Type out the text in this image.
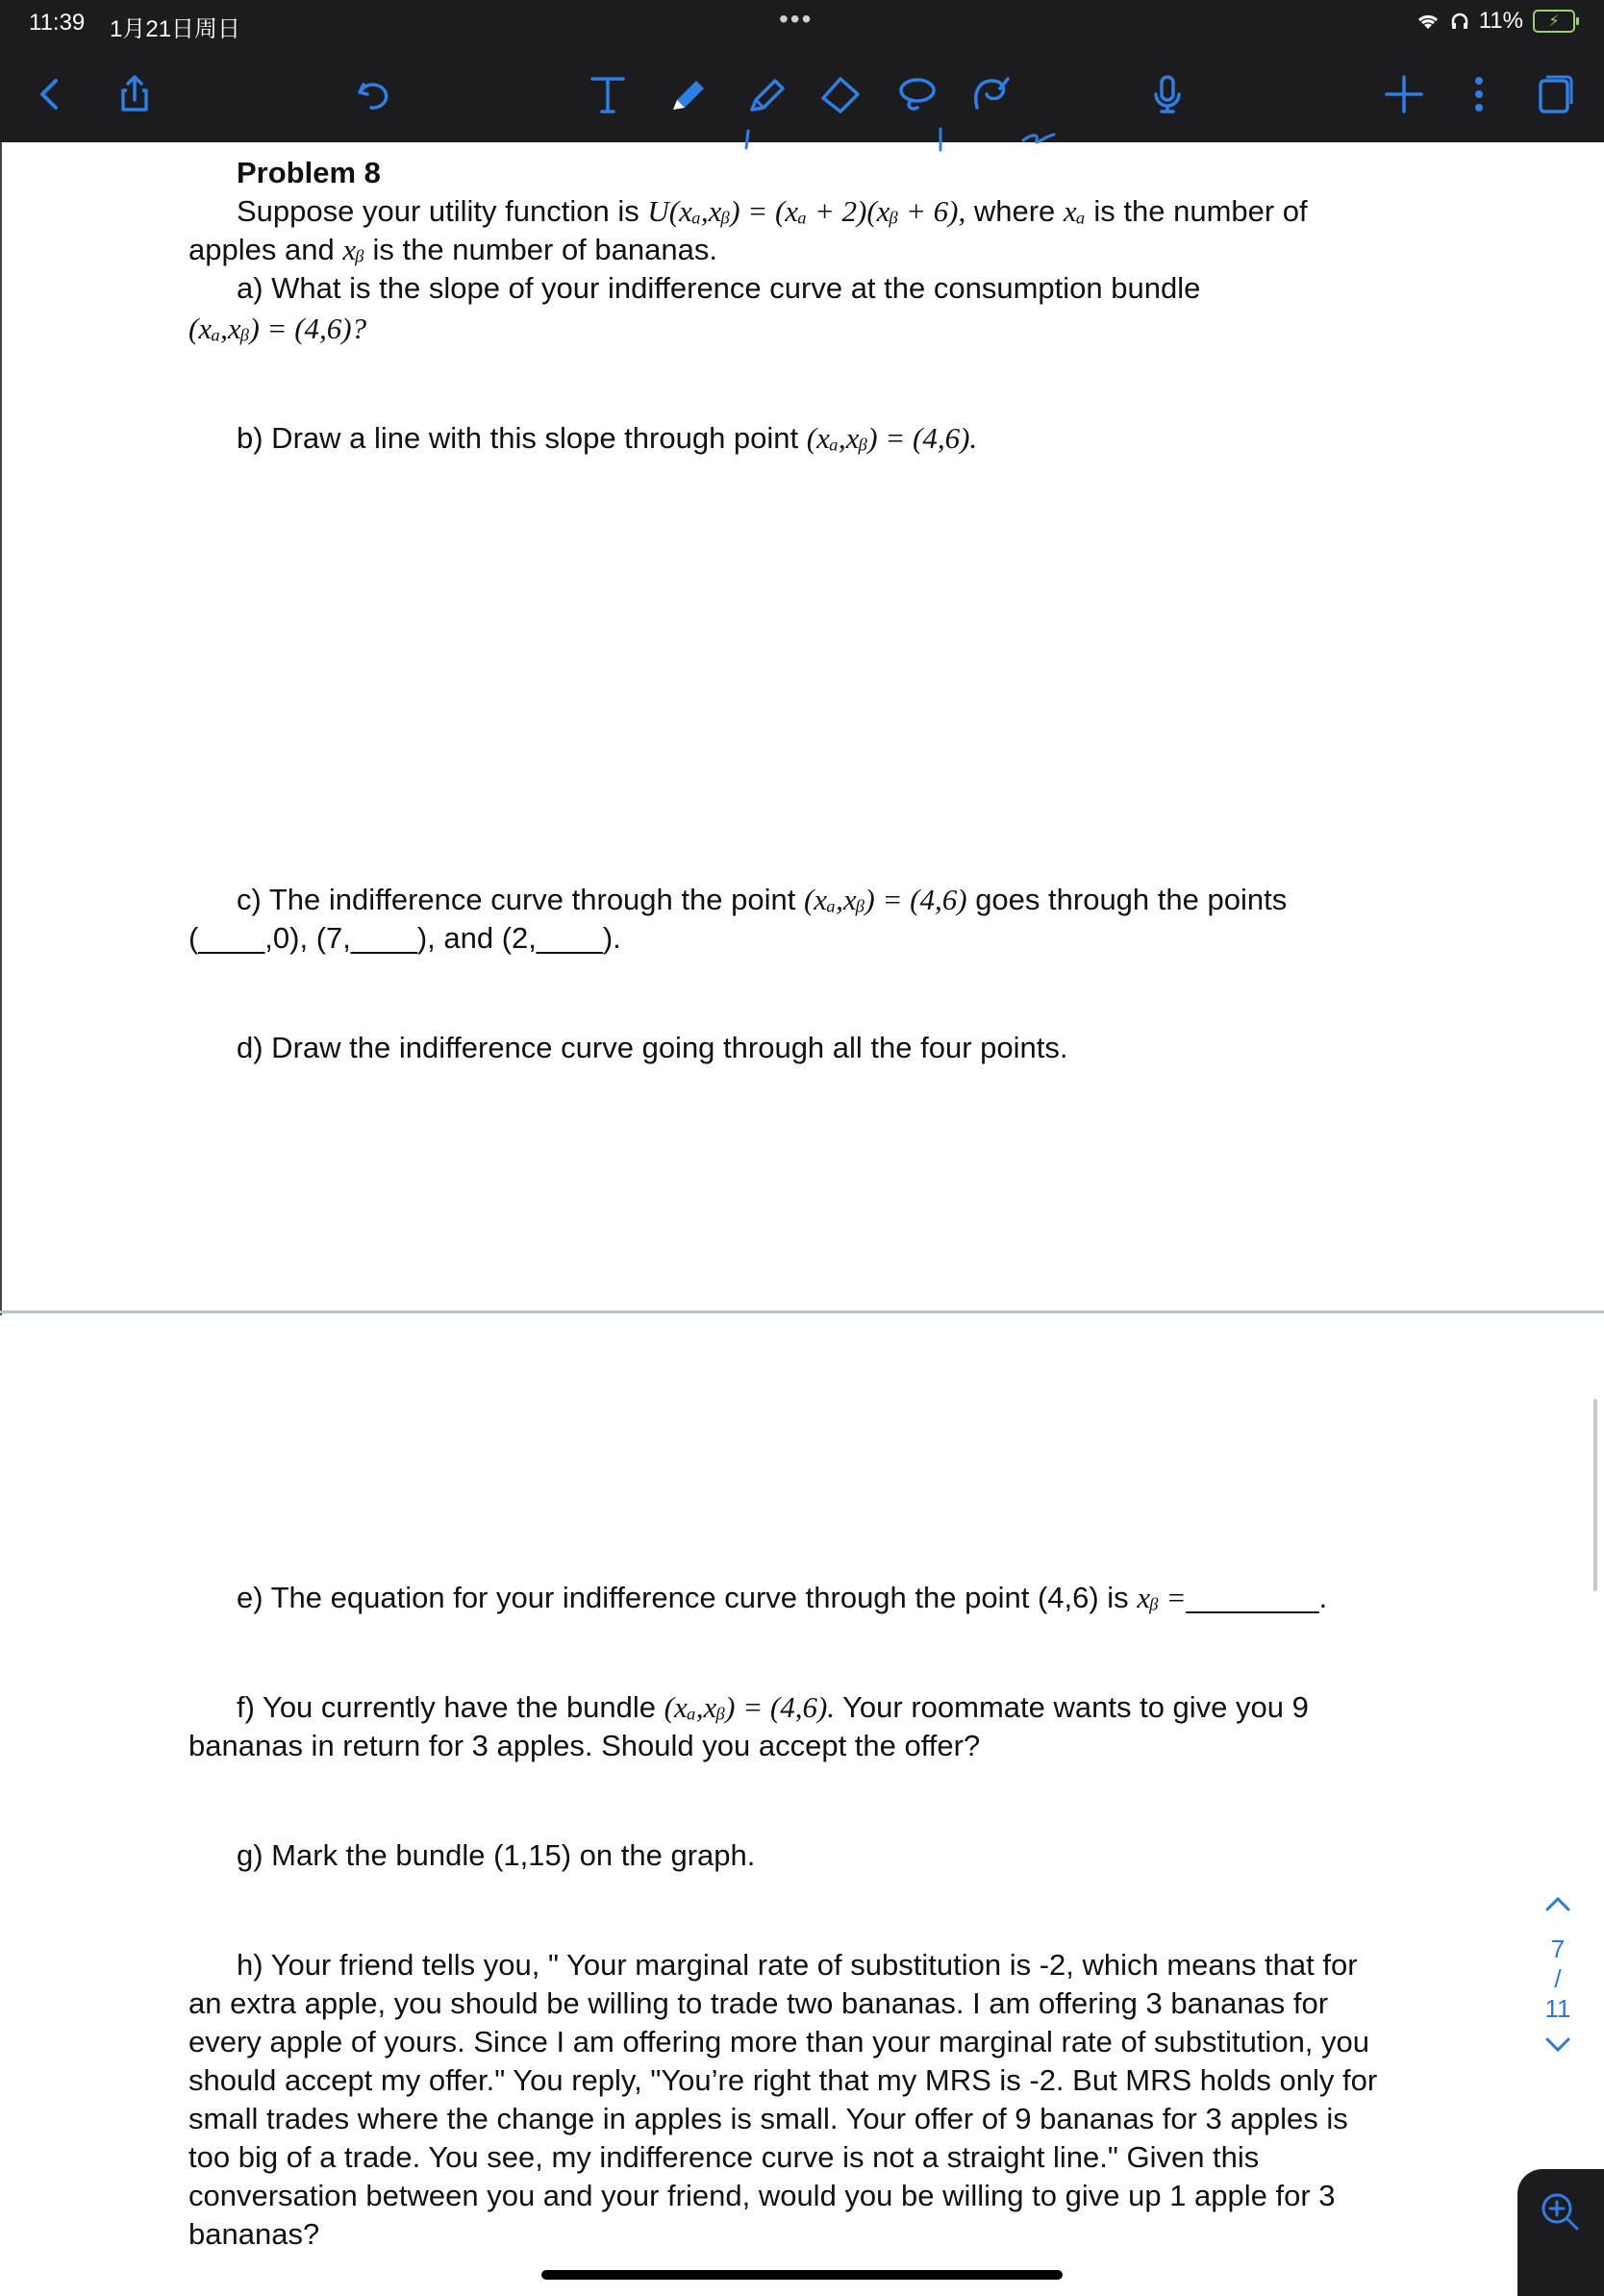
11:39 1月21日周日	•••	11%	⚡
Problem 8
Suppose your utility function is U(xₐ,xᵦ) = (xₐ + 2)(xᵦ + 6), where xₐ is the number of
apples and xᵦ is the number of bananas.
a) What is the slope of your indifference curve at the consumption bundle
(xₐ,xᵦ) = (4,6)?
b) Draw a line with this slope through point (xₐ,xᵦ) = (4,6).
c) The indifference curve through the point (xₐ,xᵦ) = (4,6) goes through the points
(____,0), (7,____), and (2,____).
d) Draw the indifference curve going through all the four points.
e) The equation for your indifference curve through the point (4,6) is xᵦ =________.
f) You currently have the bundle (xₐ,xᵦ) = (4,6). Your roommate wants to give you 9
bananas in return for 3 apples. Should you accept the offer?
g) Mark the bundle (1,15) on the graph.
h) Your friend tells you, " Your marginal rate of substitution is -2, which means that for
an extra apple, you should be willing to trade two bananas. I am offering 3 bananas for
every apple of yours. Since I am offering more than your marginal rate of substitution, you
should accept my offer." You reply, "You’re right that my MRS is -2. But MRS holds only for
small trades where the change in apples is small. Your offer of 9 bananas for 3 apples is
too big of a trade. You see, my indifference curve is not a straight line." Given this
conversation between you and your friend, would you be willing to give up 1 apple for 3
bananas?
7
/
11
